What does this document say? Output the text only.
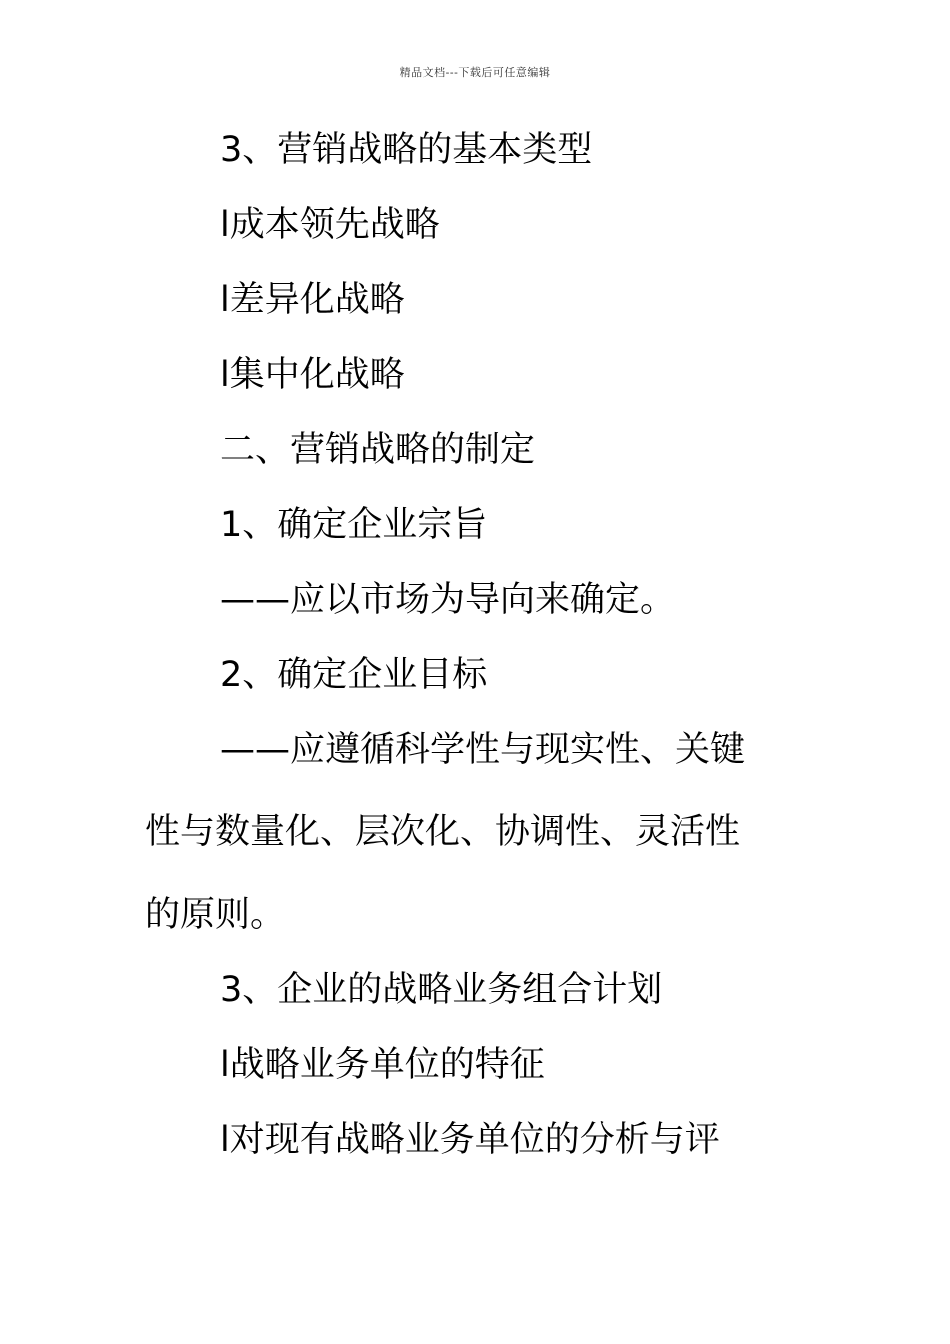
精品文档---下载后可任意编辑
3、营销战略的基本类型
l成本领先战略
l差异化战略
l集中化战略
二、营销战略的制定
1、确定企业宗旨
——应以市场为导向来确定。
2、确定企业目标
——应遵循科学性与现实性、关键
性与数量化、层次化、协调性、灵活性
的原则。
3、企业的战略业务组合计划
l战略业务单位的特征
l对现有战略业务单位的分析与评
